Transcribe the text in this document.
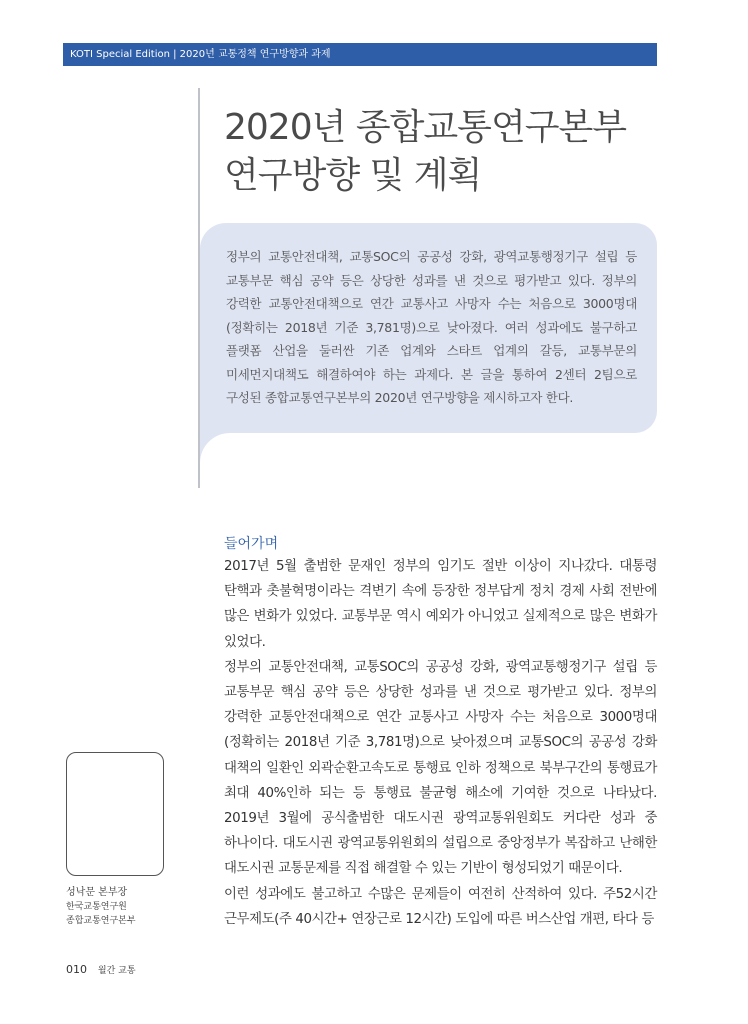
KOTI Special Edition | 2020년 교통정책 연구방향과 과제
2020년 종합교통연구본부
연구방향 및 계획
정부의 교통안전대책, 교통SOC의 공공성 강화, 광역교통행정기구 설립 등 교통부문 핵심 공약 등은 상당한 성과를 낸 것으로 평가받고 있다. 정부의 강력한 교통안전대책으로 연간 교통사고 사망자 수는 처음으로 3000명대(정확히는 2018년 기준 3,781명)으로 낮아졌다. 여러 성과에도 불구하고 플랫폼 산업을 둘러싼 기존 업계와 스타트 업계의 갈등, 교통부문의 미세먼지대책도 해결하여야 하는 과제다. 본 글을 통하여 2센터 2팀으로 구성된 종합교통연구본부의 2020년 연구방향을 제시하고자 한다.
들어가며

2017년 5월 출범한 문재인 정부의 임기도 절반 이상이 지나갔다. 대통령 탄핵과 촛불혁명이라는 격변기 속에 등장한 정부답게 정치 경제 사회 전반에 많은 변화가 있었다. 교통부문 역시 예외가 아니었고 실제적으로 많은 변화가 있었다.

정부의 교통안전대책, 교통SOC의 공공성 강화, 광역교통행정기구 설립 등 교통부문 핵심 공약 등은 상당한 성과를 낸 것으로 평가받고 있다. 정부의 강력한 교통안전대책으로 연간 교통사고 사망자 수는 처음으로 3000명대(정확히는 2018년 기준 3,781명)으로 낮아졌으며 교통SOC의 공공성 강화 대책의 일환인 외곽순환고속도로 통행료 인하 정책으로 북부구간의 통행료가 최대 40%인하 되는 등 통행료 불균형 해소에 기여한 것으로 나타났다. 2019년 3월에 공식출범한 대도시권 광역교통위원회도 커다란 성과 중 하나이다. 대도시권 광역교통위원회의 설립으로 중앙정부가 복잡하고 난해한 대도시권 교통문제를 직접 해결할 수 있는 기반이 형성되었기 때문이다.

이런 성과에도 불고하고 수많은 문제들이 여전히 산적하여 있다. 주52시간 근무제도(주 40시간+ 연장근로 12시간) 도입에 따른 버스산업 개편, 타다 등

성낙문 본부장
한국교통연구원
종합교통연구본부
010 월간 교통
